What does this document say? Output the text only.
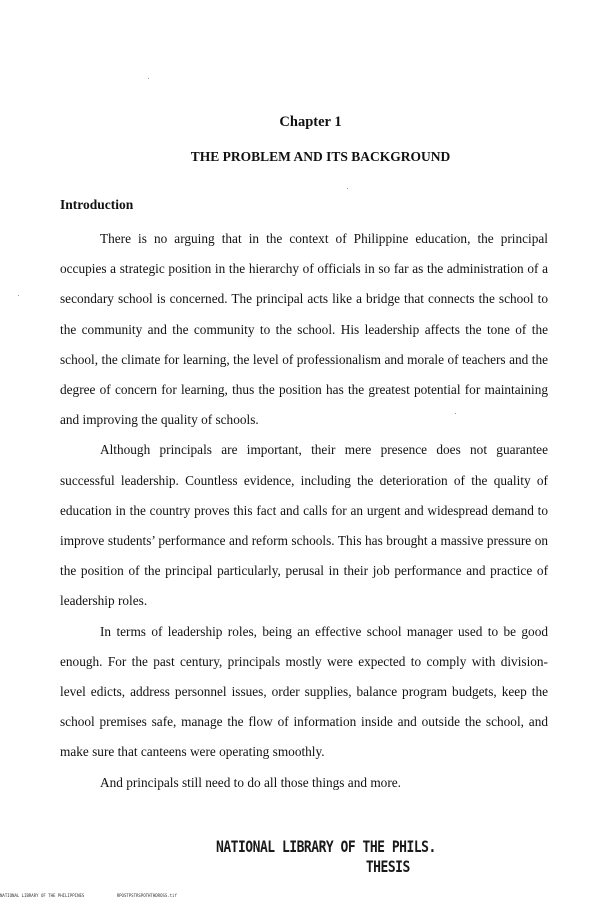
Chapter 1
THE PROBLEM AND ITS BACKGROUND
Introduction

There is no arguing that in the context of Philippine education, the principal occupies a strategic position in the hierarchy of officials in so far as the administration of a secondary school is concerned. The principal acts like a bridge that connects the school to the community and the community to the school. His leadership affects the tone of the school, the climate for learning, the level of professionalism and morale of teachers and the degree of concern for learning, thus the position has the greatest potential for maintaining and improving the quality of schools.

Although principals are important, their mere presence does not guarantee successful leadership. Countless evidence, including the deterioration of the quality of education in the country proves this fact and calls for an urgent and widespread demand to improve students’ performance and reform schools. This has brought a massive pressure on the position of the principal particularly, perusal in their job performance and practice of leadership roles.

In terms of leadership roles, being an effective school manager used to be good enough. For the past century, principals mostly were expected to comply with division-level edicts, address personnel issues, order supplies, balance program budgets, keep the school premises safe, manage the flow of information inside and outside the school, and make sure that canteens were operating smoothly.

And principals still need to do all those things and more.

NATIONAL LIBRARY OF THE PHILS.
THESIS
NATIONAL LIBRARY OF THE PHILIPPINES	RPOSTPSTRSPOTHTHDROSS.tif
